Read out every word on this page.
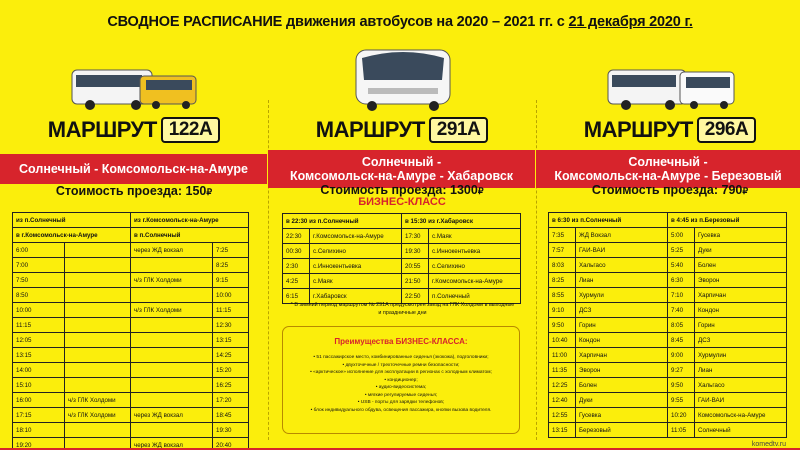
СВОДНОЕ РАСПИСАНИЕ движения автобусов на 2020 – 2021 гг. с 21 декабря 2020 г.
МАРШРУТ 122А	МАРШРУТ 291А	МАРШРУТ 296А
Солнечный - Комсомольск-на-Амуре	Солнечный -
Комсомольск-на-Амуре - Хабаровск
Солнечный -
Комсомольск-на-Амуре - Березовый
Стоимость проезда: 150₽	Стоимость проезда: 1300₽	Стоимость проезда: 790₽
БИЗНЕС-КЛАСС
из п.Солнечный		из г.Комсомольск-на-Амуре	
в г.Комсомольск-на-Амуре		в п.Солнечный	
6:00		через ЖД вокзал	7:25
7:00			8:25
7:50		ч/з ГЛК Холдоми	9:15
8:50			10:00
10:00		ч/з ГЛК Холдоми	11:15
11:15			12:30
12:05			13:15
13:15			14:25
14:00			15:20
15:10			16:25
16:00	ч/з ГЛК Холдоми		17:20
17:15	ч/з ГЛК Холдоми	через ЖД вокзал	18:45
18:10			19:30
19:20		через ЖД вокзал	20:40
в 22:30 из п.Солнечный		в 15:30 из г.Хабаровск	
22:30	г.Комсомольск-на-Амуре	17:30	с.Маяк
00:30	с.Селихино	19:30	с.Иннокентьевка
2:30	с.Иннокентьевка	20:55	с.Селихино
4:25	с.Маяк	21:50	г.Комсомольск-на-Амуре
6:15	г.Хабаровск	22:50	п.Солнечный
* В зимний период маршрутом № 291А предусмотрен заезд на ГЛК Холдоми в выходные и праздничные дни
Преимущества БИЗНЕС-КЛАССА:
• 51 пассажирское место, комбинированные сиденья (экокожа), подголовники;
• двухточечные / трехточечные ремни безопасности;
• «арктическое» исполнение для эксплуатации в регионах с холодным климатом;
• кондиционер;
• аудио-видеосистема;
• мягкие регулируемые сиденья;
• USB - порты для зарядки телефонов;
• блок индивидуального обдува, освещения пассажира, кнопки вызова водителя.
в 6:30 из п.Солнечный		в 4:45 из п.Березовый	
7:35	ЖД Вокзал	5:00	Гусевка
7:57	ГАИ-ВАИ	5:25	Дуки
8:03	Хальгасо	5:40	Болен
8:25	Лиан	6:30	Эворон
8:55	Хурмули	7:10	Харпичан
9:10	ДСЗ	7:40	Кондон
9:50	Горин	8:05	Горин
10:40	Кондон	8:45	ДСЗ
11:00	Харпичан	9:00	Хурмулин
11:35	Эворон	9:27	Лиан
12:25	Болен	9:50	Хальгасо
12:40	Дуки	9:55	ГАИ-ВАИ
12:55	Гусевка	10:20	Комсомольск-на-Амуре
13:15	Березовый	11:05	Солнечный
komedtv.ru
